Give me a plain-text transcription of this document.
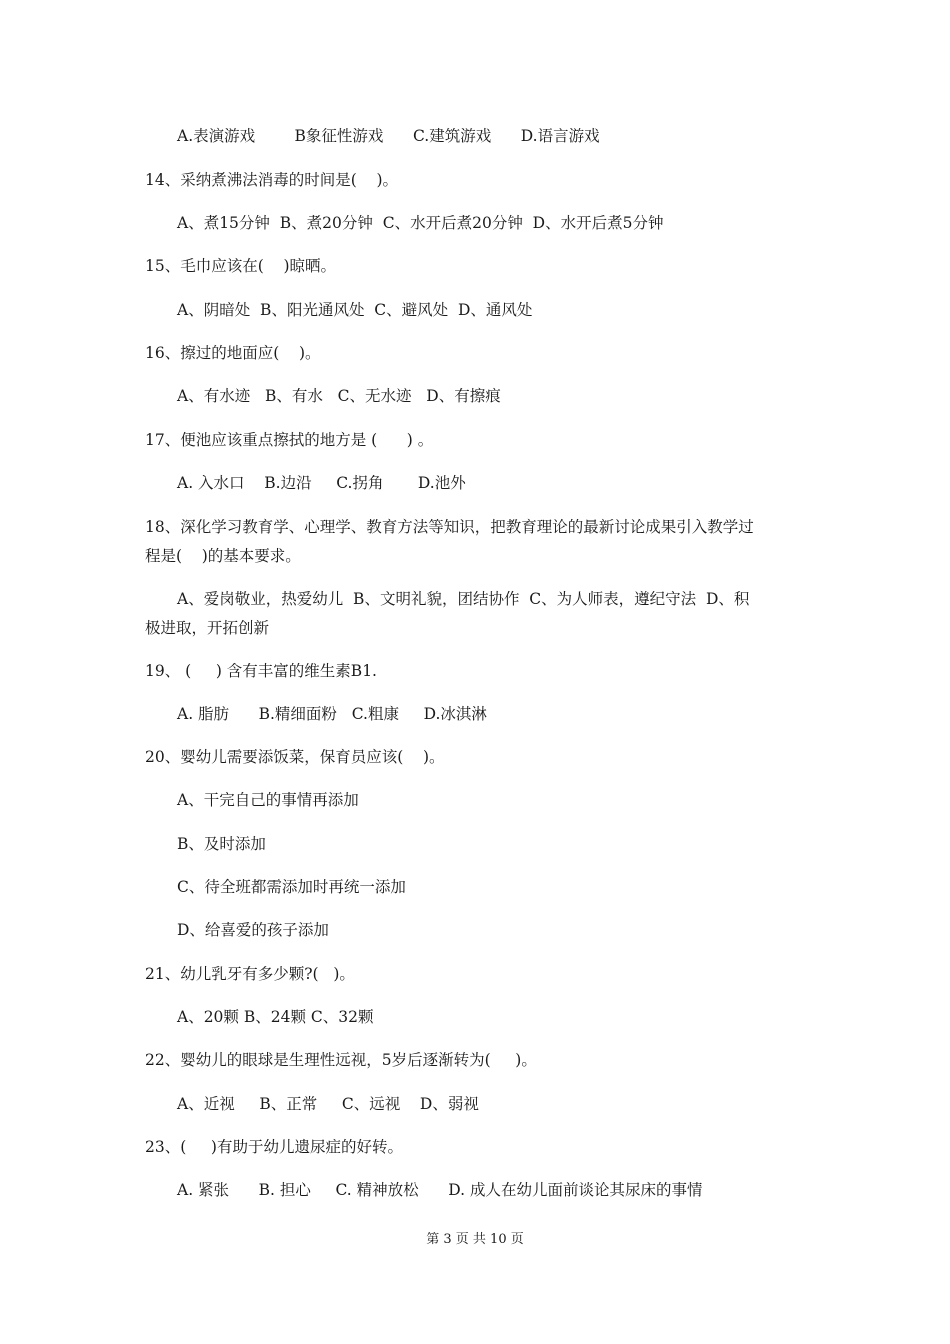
A.表演游戏        B象征性游戏      C.建筑游戏      D.语言游戏
14、采纳煮沸法消毒的时间是(    )。
A、煮15分钟  B、煮20分钟  C、水开后煮20分钟  D、水开后煮5分钟
15、毛巾应该在(    )晾晒。
A、阴暗处  B、阳光通风处  C、避风处  D、通风处
16、擦过的地面应(    )。
A、有水迹   B、有水   C、无水迹   D、有擦痕
17、便池应该重点擦拭的地方是 (      ) 。
A. 入水口    B.边沿     C.拐角       D.池外
18、深化学习教育学、心理学、教育方法等知识，把教育理论的最新讨论成果引入教学过
程是(    )的基本要求。
A、爱岗敬业，热爱幼儿  B、文明礼貌，团结协作  C、为人师表，遵纪守法  D、积
极进取，开拓创新
19、 (     ) 含有丰富的维生素B1.
A. 脂肪      B.精细面粉   C.粗康     D.冰淇淋
20、婴幼儿需要添饭菜，保育员应该(    )。
A、干完自己的事情再添加
B、及时添加
C、待全班都需添加时再统一添加
D、给喜爱的孩子添加
21、幼儿乳牙有多少颗?(   )。
A、20颗 B、24颗 C、32颗
22、婴幼儿的眼球是生理性远视，5岁后逐渐转为(     )。
A、近视     B、正常     C、远视    D、弱视
23、(     )有助于幼儿遗尿症的好转。
A. 紧张      B. 担心     C. 精神放松      D. 成人在幼儿面前谈论其尿床的事情
第 3 页 共 10 页
